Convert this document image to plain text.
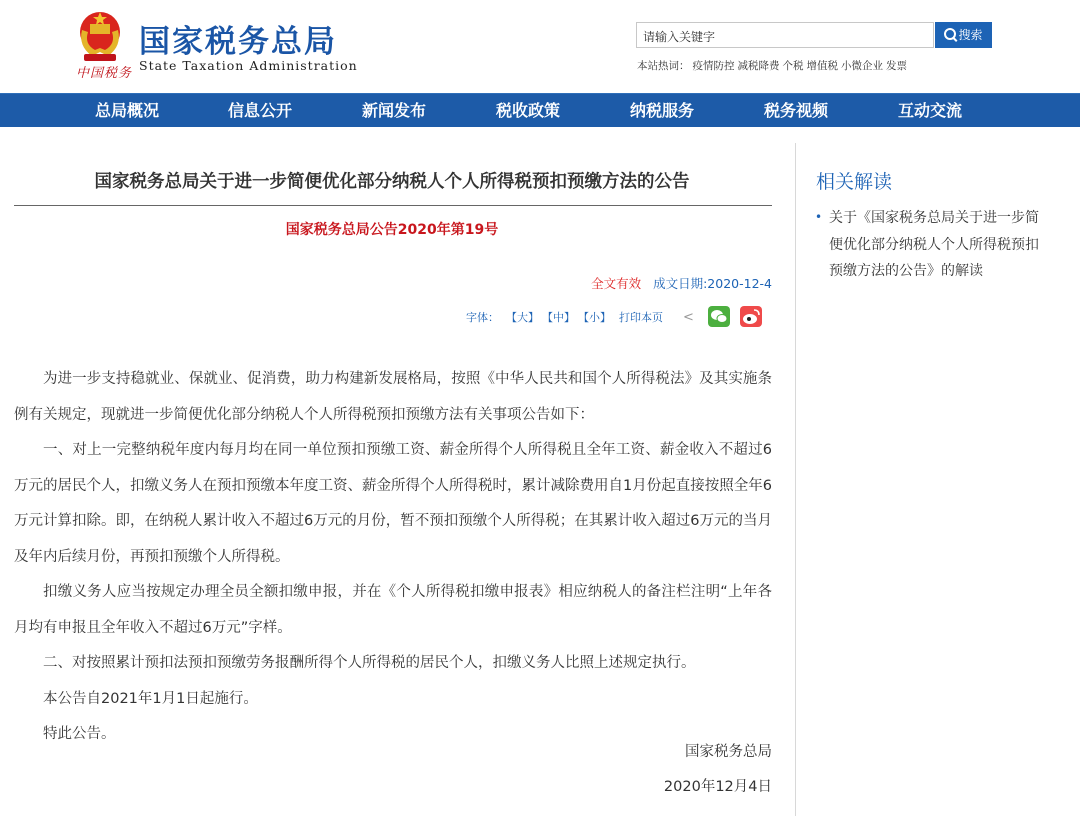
中国税务
国家税务总局
State Taxation Administration
请输入关键字	搜索
本站热词： 疫情防控 减税降费 个税 增值税 小微企业 发票
总局概况	信息公开	新闻发布	税收政策	纳税服务	税务视频	互动交流
国家税务总局关于进一步简便优化部分纳税人个人所得税预扣预缴方法的公告
国家税务总局公告2020年第19号
全文有效 成文日期:2020-12-4
字体： 【大】 【中】 【小】 打印本页 <

为进一步支持稳就业、保就业、促消费，助力构建新发展格局，按照《中华人民共和国个人所得税法》及其实施条例有关规定，现就进一步简便优化部分纳税人个人所得税预扣预缴方法有关事项公告如下：

一、对上一完整纳税年度内每月均在同一单位预扣预缴工资、薪金所得个人所得税且全年工资、薪金收入不超过6万元的居民个人，扣缴义务人在预扣预缴本年度工资、薪金所得个人所得税时，累计减除费用自1月份起直接按照全年6万元计算扣除。即，在纳税人累计收入不超过6万元的月份，暂不预扣预缴个人所得税；在其累计收入超过6万元的当月及年内后续月份，再预扣预缴个人所得税。

扣缴义务人应当按规定办理全员全额扣缴申报，并在《个人所得税扣缴申报表》相应纳税人的备注栏注明“上年各月均有申报且全年收入不超过6万元”字样。

二、对按照累计预扣法预扣预缴劳务报酬所得个人所得税的居民个人，扣缴义务人比照上述规定执行。

本公告自2021年1月1日起施行。

特此公告。

国家税务总局
2020年12月4日
相关解读
• 关于《国家税务总局关于进一步简便优化部分纳税人个人所得税预扣预缴方法的公告》的解读
